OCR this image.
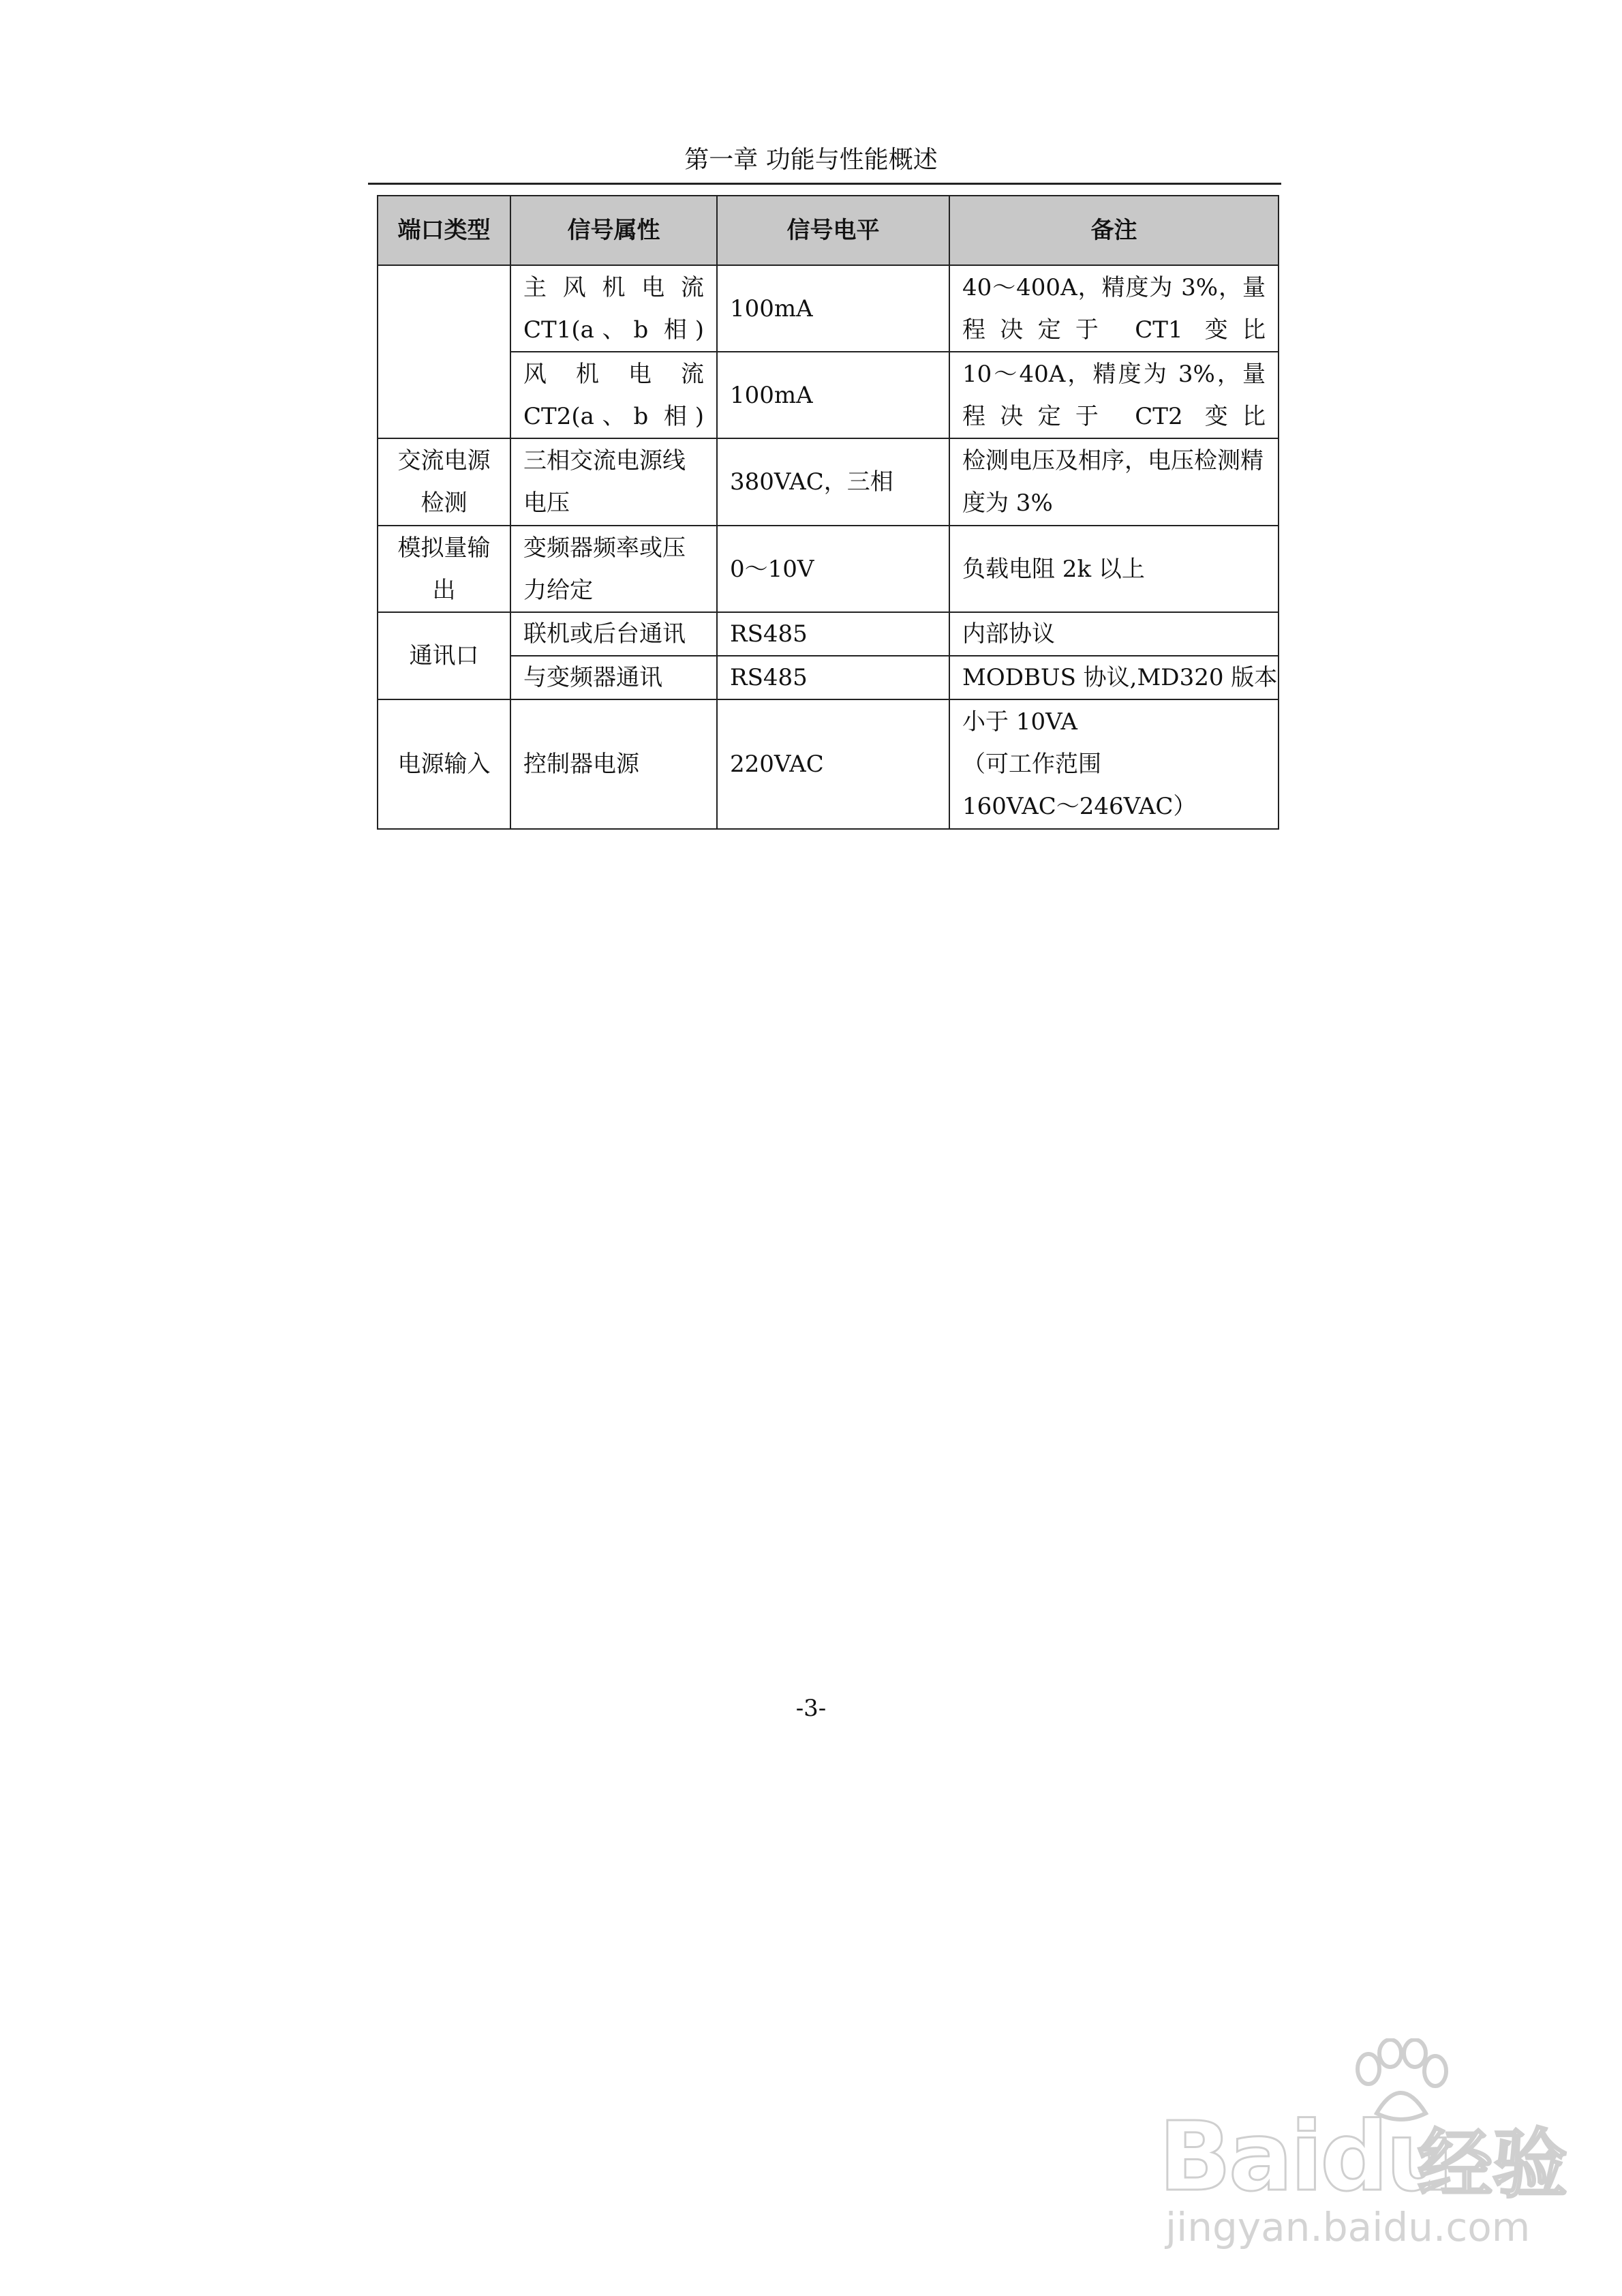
第一章 功能与性能概述
端口类型	信号属性	信号电平	备注
	主 风 机 电 流 CT1(a、b 相)	100mA	40～400A，精度为 3%，量程决定于 CT1 变比
	风 机 电 流 CT2(a、b 相)	100mA	10～40A，精度为 3%，量程决定于 CT2 变比
交流电源检测	三相交流电源线电压	380VAC，三相	检测电压及相序，电压检测精度为 3%
模拟量输出	变频器频率或压力给定	0～10V	负载电阻 2k 以上
通讯口	联机或后台通讯	RS485	内部协议
	与变频器通讯	RS485	MODBUS 协议,MD320 版本
电源输入	控制器电源	220VAC	小于 10VA
（可工作范围
160VAC～246VAC）
-3-
Baidu
经验
jingyan.baidu.com
